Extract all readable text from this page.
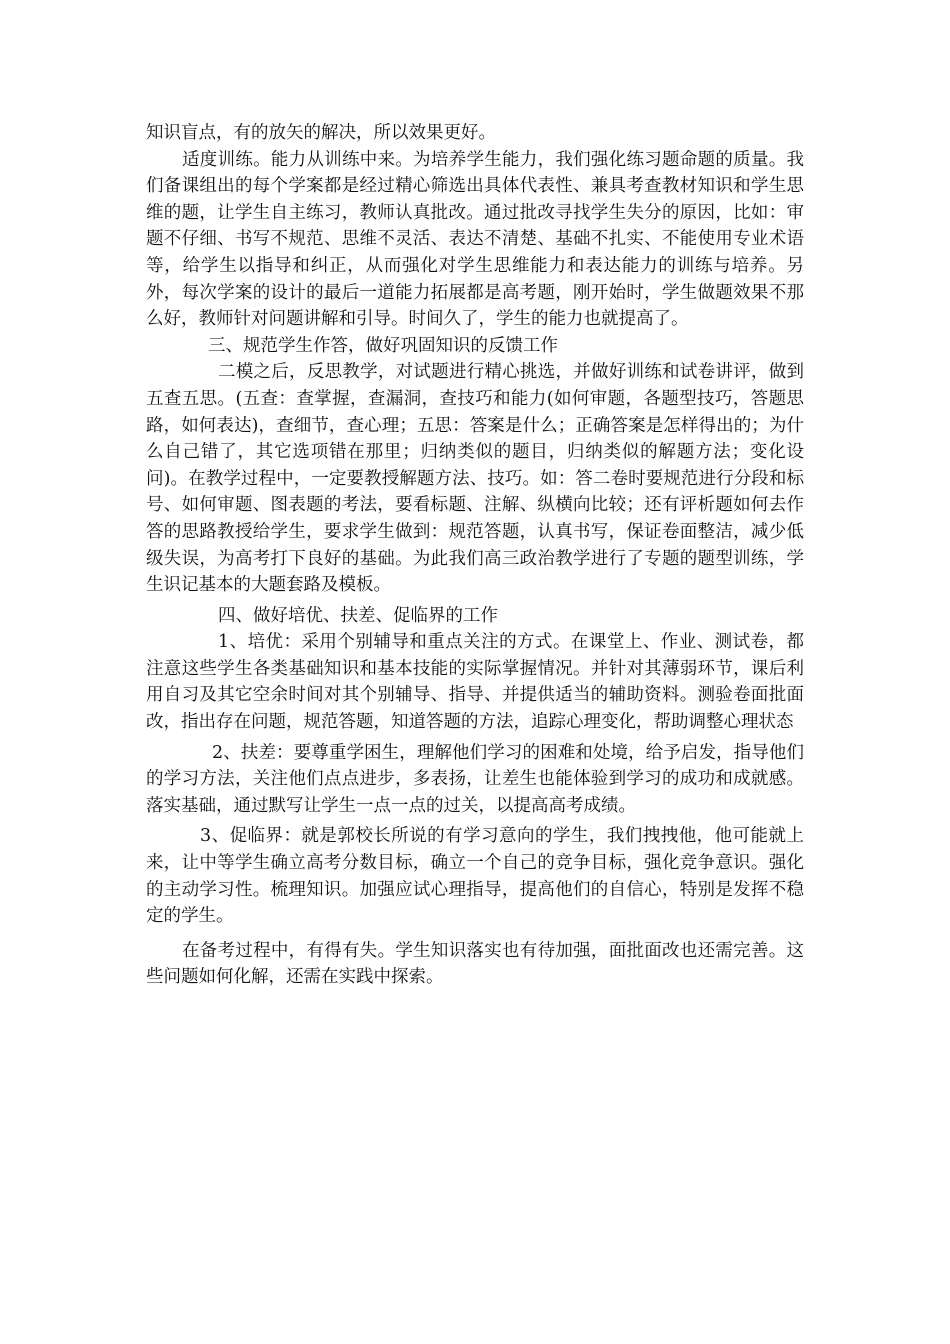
知识盲点，有的放矢的解决，所以效果更好。

适度训练。能力从训练中来。为培养学生能力，我们强化练习题命题的质量。我们备课组出的每个学案都是经过精心筛选出具体代表性、兼具考查教材知识和学生思维的题，让学生自主练习，教师认真批改。通过批改寻找学生失分的原因，比如：审题不仔细、书写不规范、思维不灵活、表达不清楚、基础不扎实、不能使用专业术语等，给学生以指导和纠正，从而强化对学生思维能力和表达能力的训练与培养。另外，每次学案的设计的最后一道能力拓展都是高考题，刚开始时，学生做题效果不那么好，教师针对问题讲解和引导。时间久了，学生的能力也就提高了。

三、规范学生作答，做好巩固知识的反馈工作

二模之后，反思教学，对试题进行精心挑选，并做好训练和试卷讲评，做到五查五思。(五查：查掌握，查漏洞，查技巧和能力(如何审题，各题型技巧，答题思路，如何表达)，查细节，查心理；五思：答案是什么；正确答案是怎样得出的；为什么自己错了，其它选项错在那里；归纳类似的题目，归纳类似的解题方法；变化设问)。在教学过程中，一定要教授解题方法、技巧。如：答二卷时要规范进行分段和标号、如何审题、图表题的考法，要看标题、注解、纵横向比较；还有评析题如何去作答的思路教授给学生，要求学生做到：规范答题，认真书写，保证卷面整洁，减少低级失误，为高考打下良好的基础。为此我们高三政治教学进行了专题的题型训练，学生识记基本的大题套路及模板。

四、做好培优、扶差、促临界的工作

1、培优：采用个别辅导和重点关注的方式。在课堂上、作业、测试卷，都注意这些学生各类基础知识和基本技能的实际掌握情况。并针对其薄弱环节，课后利用自习及其它空余时间对其个别辅导、指导、并提供适当的辅助资料。测验卷面批面改，指出存在问题，规范答题，知道答题的方法，追踪心理变化，帮助调整心理状态

2、扶差：要尊重学困生，理解他们学习的困难和处境，给予启发，指导他们的学习方法，关注他们点点进步，多表扬，让差生也能体验到学习的成功和成就感。落实基础，通过默写让学生一点一点的过关，以提高高考成绩。

3、促临界：就是郭校长所说的有学习意向的学生，我们拽拽他，他可能就上来，让中等学生确立高考分数目标，确立一个自己的竞争目标，强化竞争意识。强化的主动学习性。梳理知识。加强应试心理指导，提高他们的自信心，特别是发挥不稳定的学生。

在备考过程中，有得有失。学生知识落实也有待加强，面批面改也还需完善。这些问题如何化解，还需在实践中探索。
